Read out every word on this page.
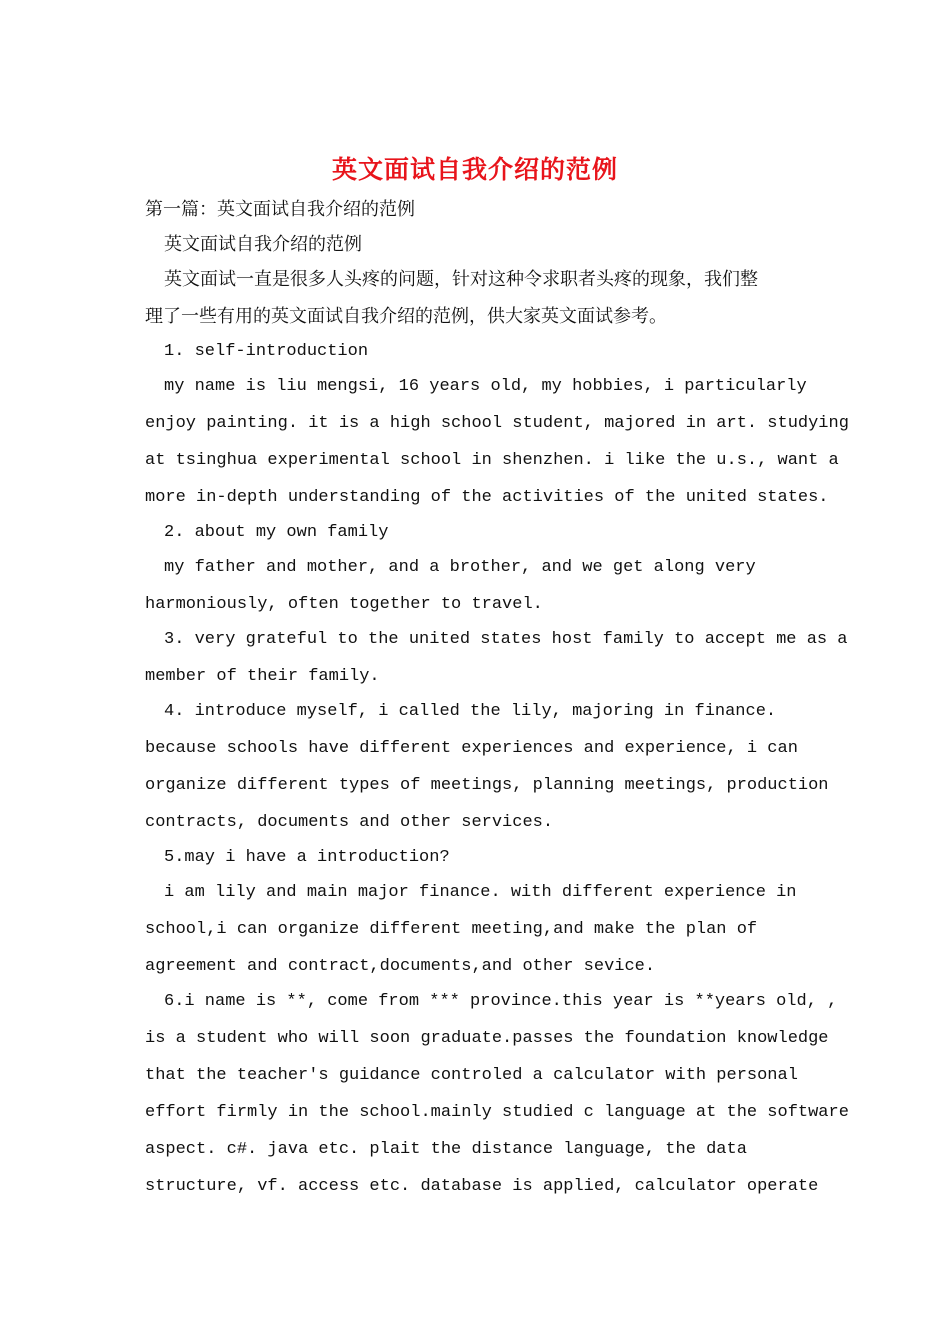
英文面试自我介绍的范例
第一篇：英文面试自我介绍的范例
英文面试自我介绍的范例
英文面试一直是很多人头疼的问题，针对这种令求职者头疼的现象，我们整
理了一些有用的英文面试自我介绍的范例，供大家英文面试参考。
1. self-introduction
my name is liu mengsi, 16 years old, my hobbies, i particularly
enjoy painting. it is a high school student, majored in art. studying
at tsinghua experimental school in shenzhen. i like the u.s., want a
more in-depth understanding of the activities of the united states.
2. about my own family
my father and mother, and a brother, and we get along very
harmoniously, often together to travel.
3. very grateful to the united states host family to accept me as a
member of their family.
4. introduce myself, i called the lily, majoring in finance.
because schools have different experiences and experience, i can
organize different types of meetings, planning meetings, production
contracts, documents and other services.
5.may i have a introduction?
i am lily and main major finance. with different experience in
school,i can organize different meeting,and make the plan of
agreement and contract,documents,and other sevice.
6.i name is **, come from *** province.this year is **years old, ,
is a student who will soon graduate.passes the foundation knowledge
that the teacher's guidance controled a calculator with personal
effort firmly in the school.mainly studied c language at the software
aspect. c#. java etc. plait the distance language, the data
structure, vf. access etc. database is applied, calculator operate
